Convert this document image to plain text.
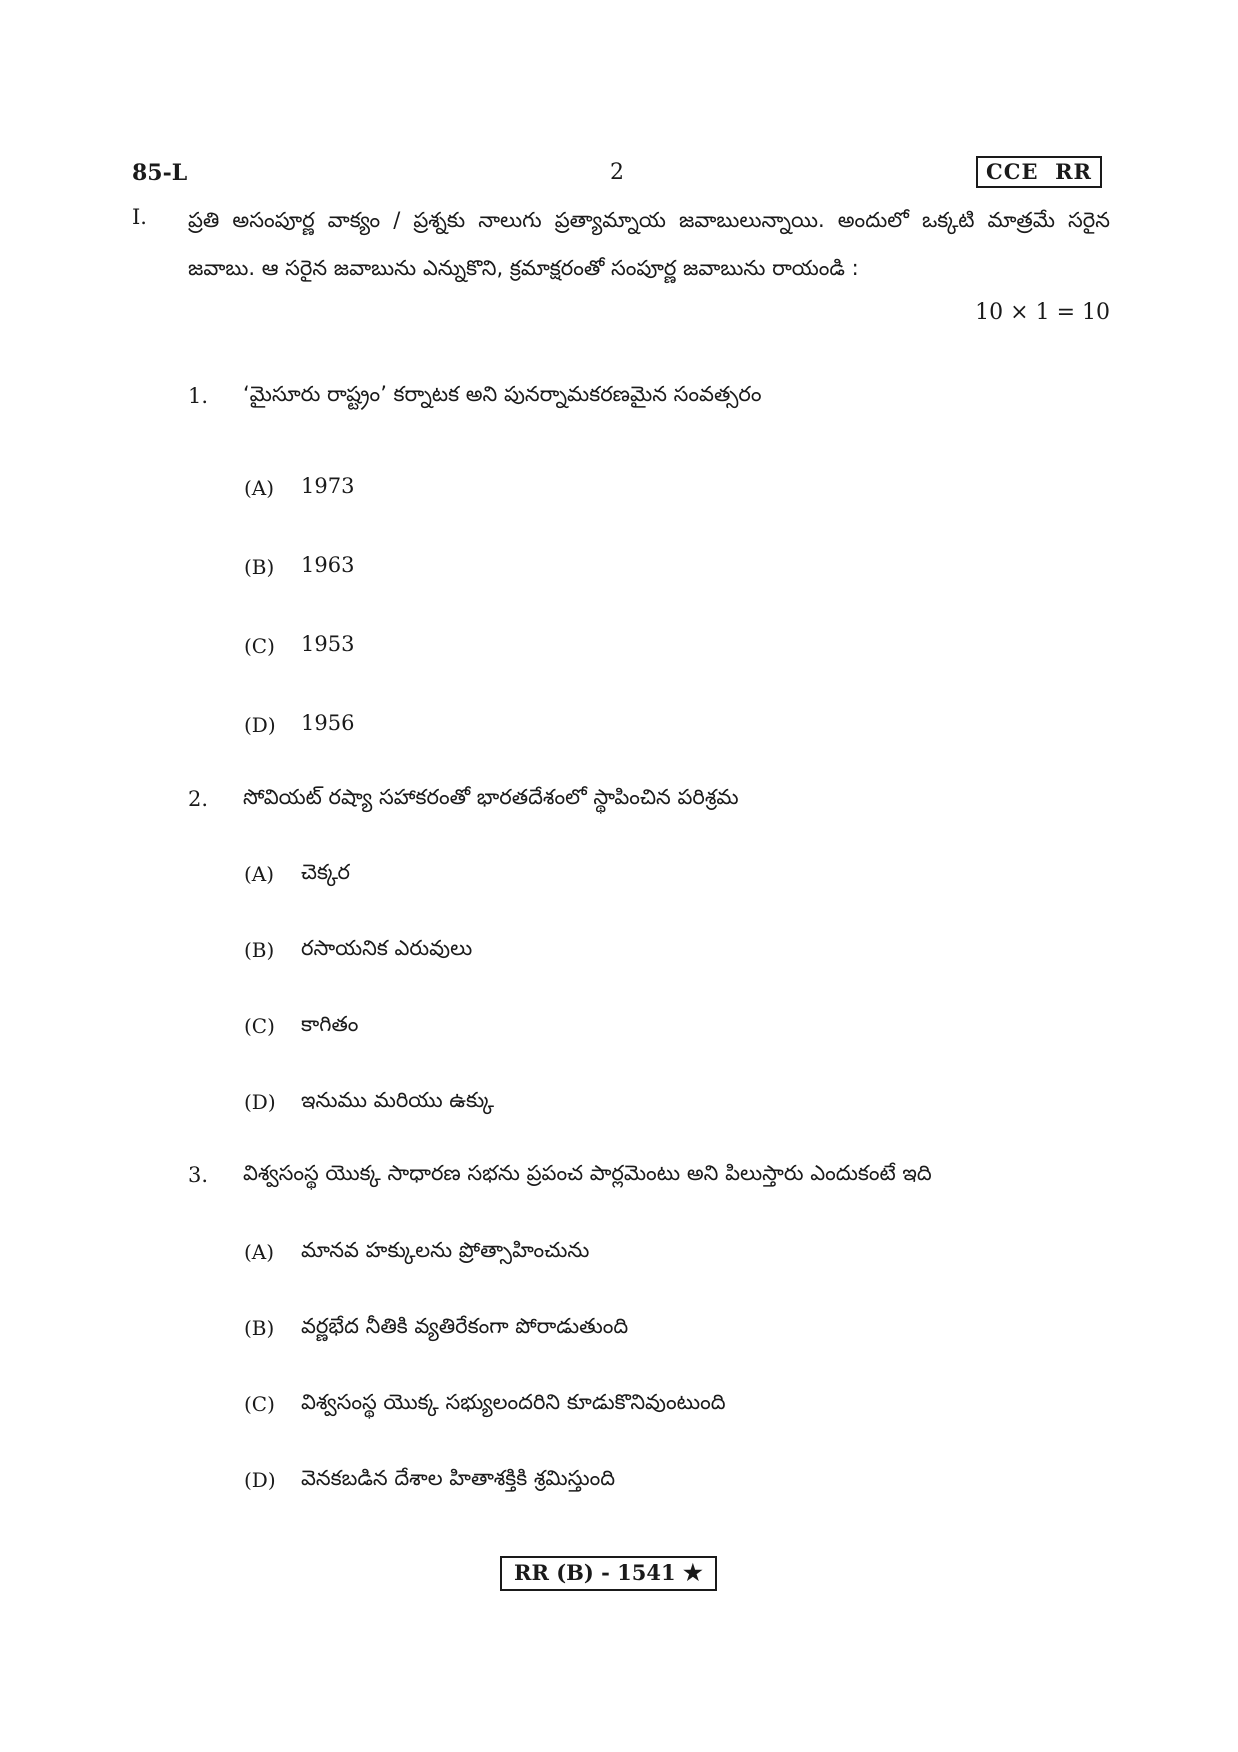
85-L	2	CCE  RR
I. ప్రతి అసంపూర్ణ వాక్యం / ప్రశ్నకు నాలుగు ప్రత్యామ్నాయ జవాబులున్నాయి. అందులో ఒక్కటి మాత్రమే సరైన జవాబు. ఆ సరైన జవాబును ఎన్నుకొని, క్రమాక్షరంతో సంపూర్ణ జవాబును రాయండి :
10 × 1 = 10
1. ‘మైసూరు రాష్ట్రం’ కర్నాటక అని పునర్నామకరణమైన సంవత్సరం
(A) 1973
(B) 1963
(C) 1953
(D) 1956
2. సోవియట్ రష్యా సహాకరంతో భారతదేశంలో స్థాపించిన పరిశ్రమ
(A) చెక్కర
(B) రసాయనిక ఎరువులు
(C) కాగితం
(D) ఇనుము మరియు ఉక్కు
3. విశ్వసంస్థ యొక్క సాధారణ సభను ప్రపంచ పార్లమెంటు అని పిలుస్తారు ఎందుకంటే ఇది
(A) మానవ హక్కులను ప్రోత్సాహించును
(B) వర్ణభేద నీతికి వ్యతిరేకంగా పోరాడుతుంది
(C) విశ్వసంస్థ యొక్క సభ్యులందరిని కూడుకొనివుంటుంది
(D) వెనకబడిన దేశాల హితాశక్తికి శ్రమిస్తుంది
RR (B) - 1541 ★
